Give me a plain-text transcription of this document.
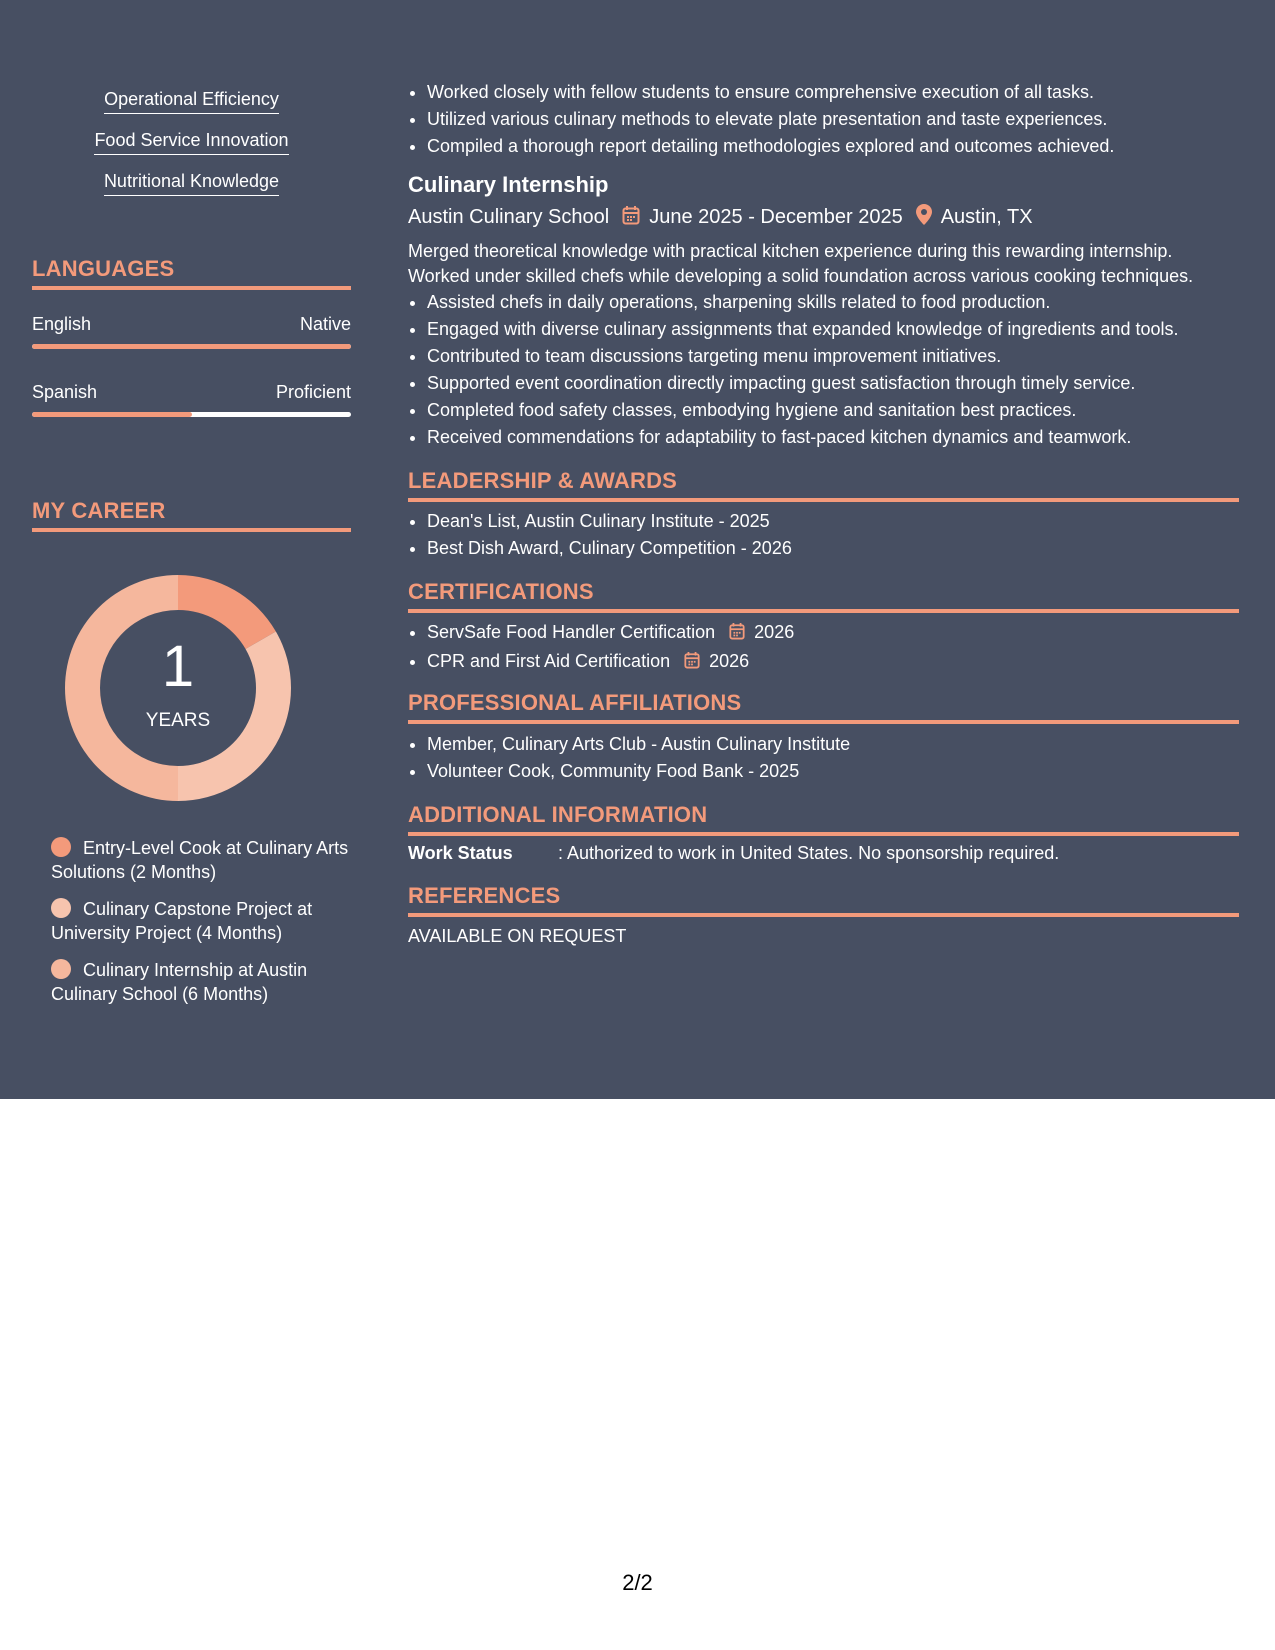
Operational Efficiency
Food Service Innovation
Nutritional Knowledge
LANGUAGES
English	Native
Spanish	Proficient
MY CAREER
1
YEARS
Entry-Level Cook at Culinary Arts Solutions (2 Months)
Culinary Capstone Project at University Project (4 Months)
Culinary Internship at Austin Culinary School (6 Months)
• Worked closely with fellow students to ensure comprehensive execution of all tasks.
• Utilized various culinary methods to elevate plate presentation and taste experiences.
• Compiled a thorough report detailing methodologies explored and outcomes achieved.
Culinary Internship
Austin Culinary School June 2025 - December 2025 Austin, TX
Merged theoretical knowledge with practical kitchen experience during this rewarding internship.
Worked under skilled chefs while developing a solid foundation across various cooking techniques.
• Assisted chefs in daily operations, sharpening skills related to food production.
• Engaged with diverse culinary assignments that expanded knowledge of ingredients and tools.
• Contributed to team discussions targeting menu improvement initiatives.
• Supported event coordination directly impacting guest satisfaction through timely service.
• Completed food safety classes, embodying hygiene and sanitation best practices.
• Received commendations for adaptability to fast-paced kitchen dynamics and teamwork.
LEADERSHIP & AWARDS
• Dean's List, Austin Culinary Institute - 2025
• Best Dish Award, Culinary Competition - 2026
CERTIFICATIONS
• ServSafe Food Handler Certification 2026
• CPR and First Aid Certification 2026
PROFESSIONAL AFFILIATIONS
• Member, Culinary Arts Club - Austin Culinary Institute
• Volunteer Cook, Community Food Bank - 2025
ADDITIONAL INFORMATION
Work Status	: Authorized to work in United States. No sponsorship required.
REFERENCES
AVAILABLE ON REQUEST
2/2
